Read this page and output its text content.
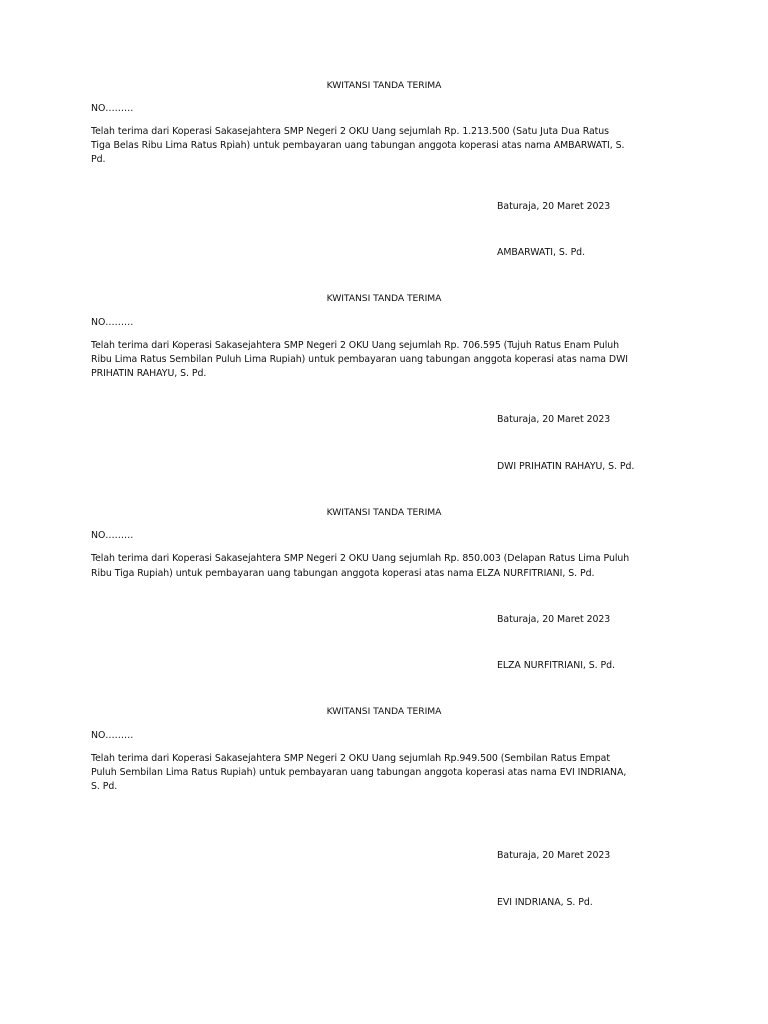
KWITANSI TANDA TERIMA
NO………
Telah terima dari Koperasi Sakasejahtera SMP Negeri 2 OKU Uang sejumlah Rp. 1.213.500 (Satu Juta Dua Ratus
Tiga Belas Ribu Lima Ratus Rpiah) untuk pembayaran uang tabungan anggota koperasi atas nama AMBARWATI, S.
Pd.
Baturaja, 20 Maret 2023
AMBARWATI, S. Pd.
KWITANSI TANDA TERIMA
NO………
Telah terima dari Koperasi Sakasejahtera SMP Negeri 2 OKU Uang sejumlah Rp. 706.595 (Tujuh Ratus Enam Puluh
Ribu Lima Ratus Sembilan Puluh Lima Rupiah) untuk pembayaran uang tabungan anggota koperasi atas nama DWI
PRIHATIN RAHAYU, S. Pd.
Baturaja, 20 Maret 2023
DWI PRIHATIN RAHAYU, S. Pd.
KWITANSI TANDA TERIMA
NO………
Telah terima dari Koperasi Sakasejahtera SMP Negeri 2 OKU Uang sejumlah Rp. 850.003 (Delapan Ratus Lima Puluh
Ribu Tiga Rupiah) untuk pembayaran uang tabungan anggota koperasi atas nama ELZA NURFITRIANI, S. Pd.
Baturaja, 20 Maret 2023
ELZA NURFITRIANI, S. Pd.
KWITANSI TANDA TERIMA
NO………
Telah terima dari Koperasi Sakasejahtera SMP Negeri 2 OKU Uang sejumlah Rp.949.500 (Sembilan Ratus Empat
Puluh Sembilan Lima Ratus Rupiah) untuk pembayaran uang tabungan anggota koperasi atas nama EVI INDRIANA,
S. Pd.
Baturaja, 20 Maret 2023
EVI INDRIANA, S. Pd.
